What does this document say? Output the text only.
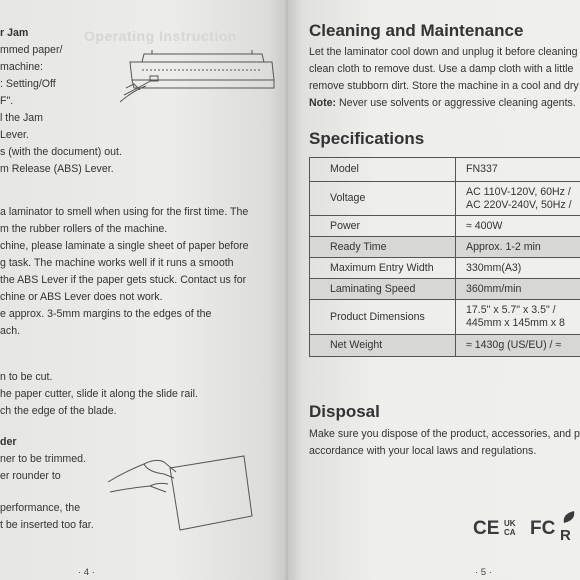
Operating Instruction
r Jam
mmed paper/
machine:
: Setting/Off
F".
l the Jam
Lever.
s (with the document) out.
m Release (ABS) Lever.
a laminator to smell when using for the first time. The
m the rubber rollers of the machine.
chine, please laminate a single sheet of paper before
g task. The machine works well if it runs a smooth
the ABS Lever if the paper gets stuck. Contact us for
chine or ABS Lever does not work.
e approx. 3-5mm margins to the edges of the
ach.
n to be cut.
he paper cutter, slide it along the slide rail.
ch the edge of the blade.
der
ner to be trimmed.
er rounder to
performance, the
t be inserted too far.
· 4 ·
Cleaning and Maintenance
Let the laminator cool down and unplug it before cleaning
clean cloth to remove dust. Use a damp cloth with a little
remove stubborn dirt. Store the machine in a cool and dry
Note: Never use solvents or aggressive cleaning agents.
Specifications
Model	FN337
Voltage	AC 110V-120V, 60Hz /
AC 220V-240V, 50Hz /

Power	≈ 400W
Ready Time	Approx. 1-2 min
Maximum Entry Width	330mm(A3)
Laminating Speed	360mm/min
Product Dimensions	17.5" x 5.7" x 3.5" /
445mm x 145mm x 8

Net Weight	≈ 1430g (US/EU) / ≈
Disposal
Make sure you dispose of the product, accessories, and p
accordance with your local laws and regulations.
CE UK CA FC R
· 5 ·
